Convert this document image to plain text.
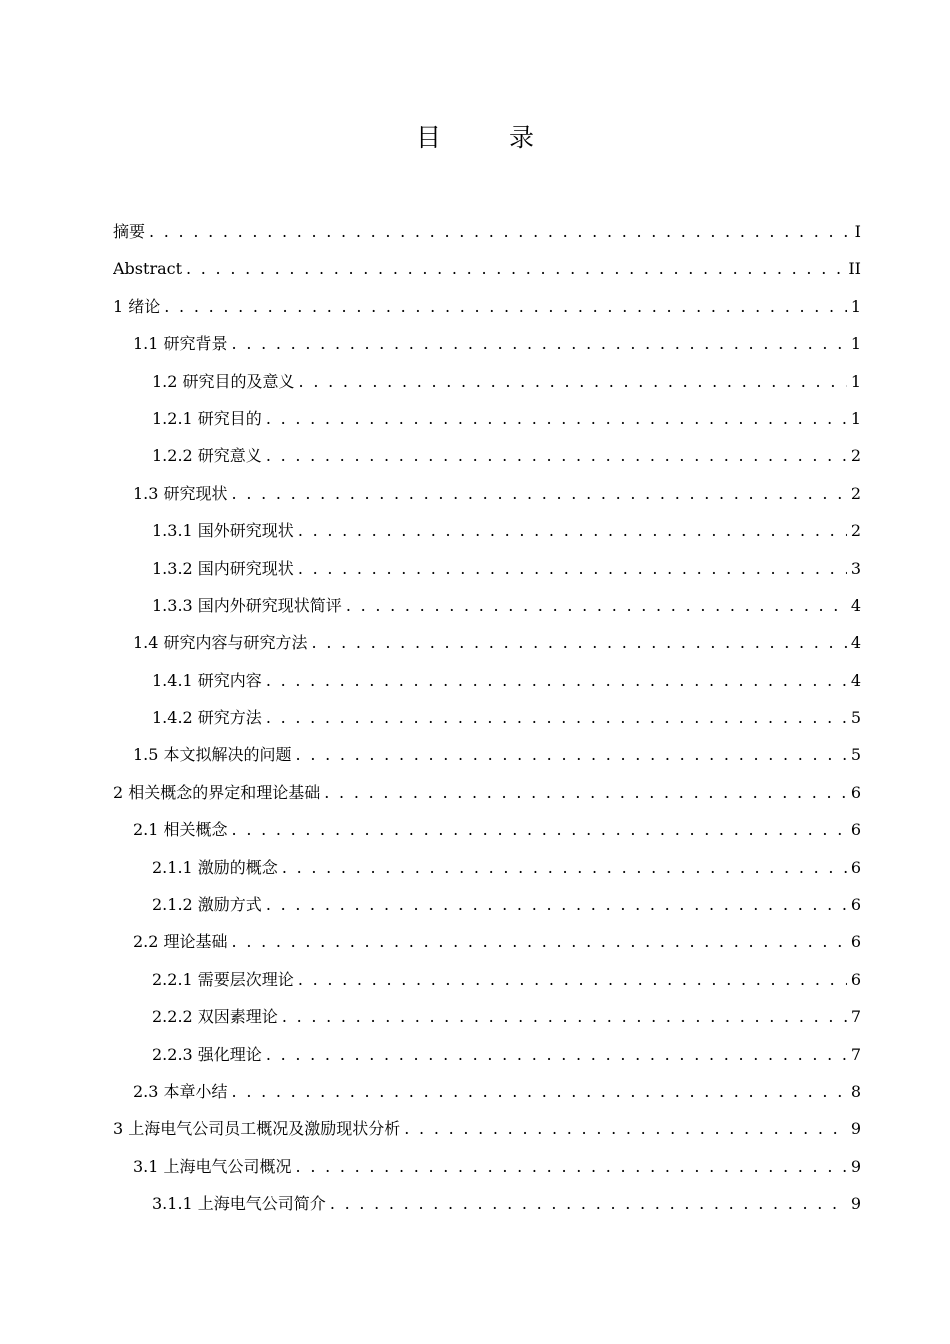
目 录
摘要 . . .	I
Abstract . . .	II
1 绪论 . . .	1
1.1 研究背景 . . .	1
1.2 研究目的及意义 . . .	1
1.2.1 研究目的 . . .	1
1.2.2 研究意义 . . .	2
1.3 研究现状 . . .	2
1.3.1 国外研究现状 . . .	2
1.3.2 国内研究现状 . . .	3
1.3.3 国内外研究现状简评 . . .	4
1.4 研究内容与研究方法 . . .	4
1.4.1 研究内容 . . .	4
1.4.2 研究方法 . . .	5
1.5 本文拟解决的问题 . . .	5
2 相关概念的界定和理论基础 . . .	6
2.1 相关概念 . . .	6
2.1.1 激励的概念 . . .	6
2.1.2 激励方式 . . .	6
2.2 理论基础 . . .	6
2.2.1 需要层次理论 . . .	6
2.2.2 双因素理论 . . .	7
2.2.3 强化理论 . . .	7
2.3 本章小结 . . .	8
3 上海电气公司员工概况及激励现状分析 . . .	9
3.1 上海电气公司概况 . . .	9
3.1.1 上海电气公司简介 . . .	9
